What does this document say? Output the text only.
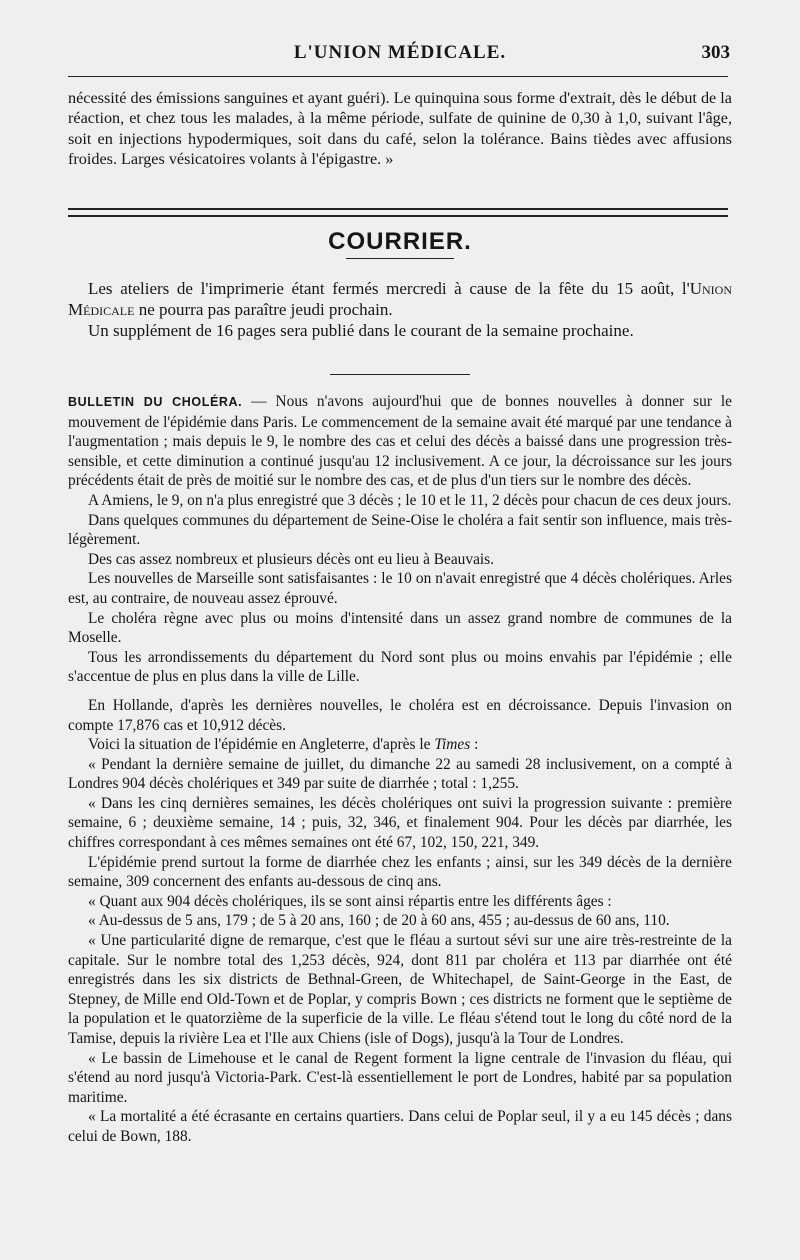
L'UNION MÉDICALE.	303

nécessité des émissions sanguines et ayant guéri). Le quinquina sous forme d'extrait, dès le début de la réaction, et chez tous les malades, à la même période, sulfate de quinine de 0,30 à 1,0, suivant l'âge, soit en injections hypodermiques, soit dans du café, selon la tolérance. Bains tièdes avec affusions froides. Larges vésicatoires volants à l'épigastre. »

COURRIER.

Les ateliers de l'imprimerie étant fermés mercredi à cause de la fête du 15 août, l'Union Médicale ne pourra pas paraître jeudi prochain.

Un supplément de 16 pages sera publié dans le courant de la semaine prochaine.

BULLETIN DU CHOLÉRA. — Nous n'avons aujourd'hui que de bonnes nouvelles à donner sur le mouvement de l'épidémie dans Paris. Le commencement de la semaine avait été marqué par une tendance à l'augmentation ; mais depuis le 9, le nombre des cas et celui des décès a baissé dans une progression très-sensible, et cette diminution a continué jusqu'au 12 inclusivement. A ce jour, la décroissance sur les jours précédents était de près de moitié sur le nombre des cas, et de plus d'un tiers sur le nombre des décès.

A Amiens, le 9, on n'a plus enregistré que 3 décès ; le 10 et le 11, 2 décès pour chacun de ces deux jours.

Dans quelques communes du département de Seine-Oise le choléra a fait sentir son influence, mais très-légèrement.

Des cas assez nombreux et plusieurs décès ont eu lieu à Beauvais.

Les nouvelles de Marseille sont satisfaisantes : le 10 on n'avait enregistré que 4 décès cholériques. Arles est, au contraire, de nouveau assez éprouvé.

Le choléra règne avec plus ou moins d'intensité dans un assez grand nombre de communes de la Moselle.

Tous les arrondissements du département du Nord sont plus ou moins envahis par l'épidémie ; elle s'accentue de plus en plus dans la ville de Lille.

En Hollande, d'après les dernières nouvelles, le choléra est en décroissance. Depuis l'invasion on compte 17,876 cas et 10,912 décès.

Voici la situation de l'épidémie en Angleterre, d'après le Times :

« Pendant la dernière semaine de juillet, du dimanche 22 au samedi 28 inclusivement, on a compté à Londres 904 décès cholériques et 349 par suite de diarrhée ; total : 1,255.

« Dans les cinq dernières semaines, les décès cholériques ont suivi la progression suivante : première semaine, 6 ; deuxième semaine, 14 ; puis, 32, 346, et finalement 904. Pour les décès par diarrhée, les chiffres correspondant à ces mêmes semaines ont été 67, 102, 150, 221, 349.

L'épidémie prend surtout la forme de diarrhée chez les enfants ; ainsi, sur les 349 décès de la dernière semaine, 309 concernent des enfants au-dessous de cinq ans.

« Quant aux 904 décès cholériques, ils se sont ainsi répartis entre les différents âges :

« Au-dessus de 5 ans, 179 ; de 5 à 20 ans, 160 ; de 20 à 60 ans, 455 ; au-dessus de 60 ans, 110.

« Une particularité digne de remarque, c'est que le fléau a surtout sévi sur une aire très-restreinte de la capitale. Sur le nombre total des 1,253 décès, 924, dont 811 par choléra et 113 par diarrhée ont été enregistrés dans les six districts de Bethnal-Green, de Whitechapel, de Saint-George in the East, de Stepney, de Mille end Old-Town et de Poplar, y compris Bown ; ces districts ne forment que le septième de la population et le quatorzième de la superficie de la ville. Le fléau s'étend tout le long du côté nord de la Tamise, depuis la rivière Lea et l'Ile aux Chiens (isle of Dogs), jusqu'à la Tour de Londres.

« Le bassin de Limehouse et le canal de Regent forment la ligne centrale de l'invasion du fléau, qui s'étend au nord jusqu'à Victoria-Park. C'est-là essentiellement le port de Londres, habité par sa population maritime.

« La mortalité a été écrasante en certains quartiers. Dans celui de Poplar seul, il y a eu 145 décès ; dans celui de Bown, 188.
